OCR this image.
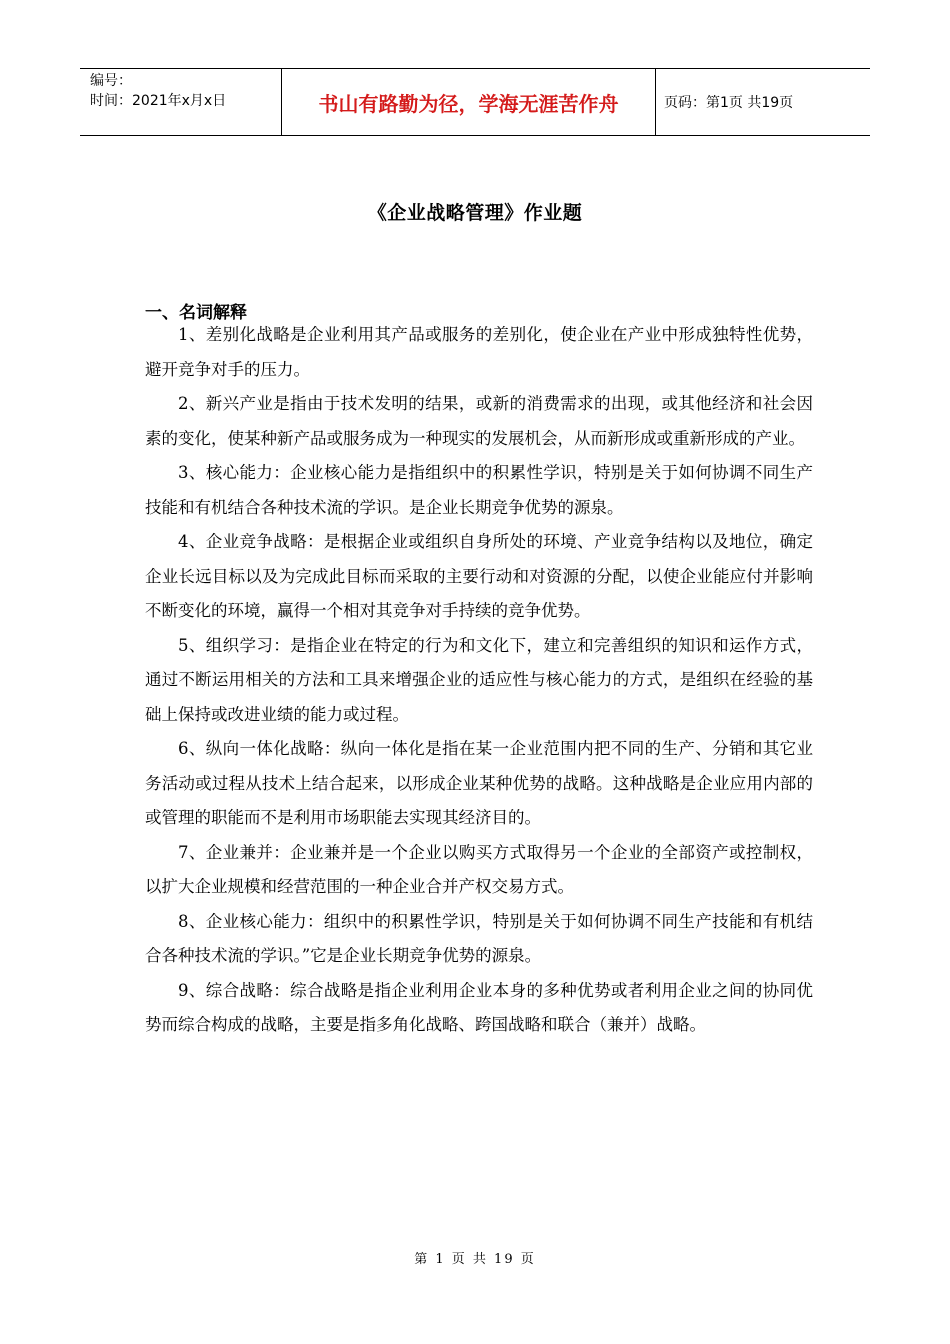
编号：
时间：2021年x月x日	书山有路勤为径，学海无涯苦作舟	页码：第1页 共19页
《企业战略管理》作业题
一、名词解释

1、差别化战略是企业利用其产品或服务的差别化，使企业在产业中形成独特性优势，避开竞争对手的压力。

2、新兴产业是指由于技术发明的结果，或新的消费需求的出现，或其他经济和社会因素的变化，使某种新产品或服务成为一种现实的发展机会，从而新形成或重新形成的产业。

3、核心能力：企业核心能力是指组织中的积累性学识，特别是关于如何协调不同生产技能和有机结合各种技术流的学识。是企业长期竞争优势的源泉。

4、企业竞争战略：是根据企业或组织自身所处的环境、产业竞争结构以及地位，确定企业长远目标以及为完成此目标而采取的主要行动和对资源的分配，以使企业能应付并影响不断变化的环境，赢得一个相对其竞争对手持续的竞争优势。

5、组织学习：是指企业在特定的行为和文化下，建立和完善组织的知识和运作方式，通过不断运用相关的方法和工具来增强企业的适应性与核心能力的方式，是组织在经验的基础上保持或改进业绩的能力或过程。

6、纵向一体化战略：纵向一体化是指在某一企业范围内把不同的生产、分销和其它业务活动或过程从技术上结合起来，以形成企业某种优势的战略。这种战略是企业应用内部的或管理的职能而不是利用市场职能去实现其经济目的。

7、企业兼并：企业兼并是一个企业以购买方式取得另一个企业的全部资产或控制权，以扩大企业规模和经营范围的一种企业合并产权交易方式。

8、企业核心能力：组织中的积累性学识，特别是关于如何协调不同生产技能和有机结合各种技术流的学识。”它是企业长期竞争优势的源泉。

9、综合战略：综合战略是指企业利用企业本身的多种优势或者利用企业之间的协同优势而综合构成的战略，主要是指多角化战略、跨国战略和联合（兼并）战略。

第 1 页 共 19 页
